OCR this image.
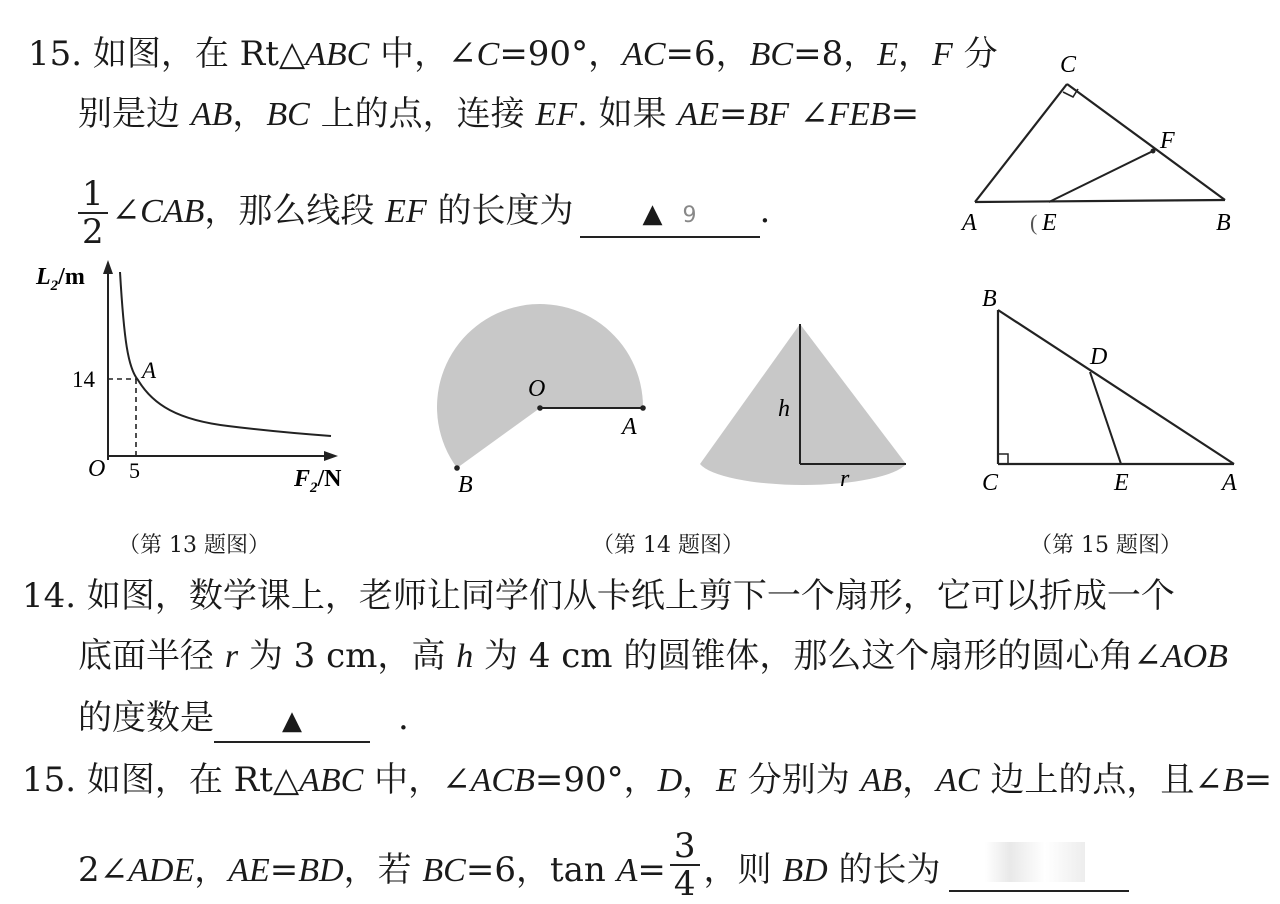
15. 如图，在 Rt△ABC 中，∠C=90°，AC=6，BC=8，E，F 分
别是边 AB，BC 上的点，连接 EF. 如果 AE=BF ∠FEB=
$\frac{1}{2}$ ∠CAB，那么线段 EF 的长度为	▲ 9 .
C
F
A ( E	B
$L_2/m$
14 A
O 5	$F_2/N$
O
A
B
h
r
B
D
C	E	A
（第 13 题图）	（第 14 题图）	（第 15 题图）
14. 如图，数学课上，老师让同学们从卡纸上剪下一个扇形，它可以折成一个
底面半径 r 为 3 cm，高 h 为 4 cm 的圆锥体，那么这个扇形的圆心角∠AOB
的度数是	▲	.
15. 如图，在 Rt△ABC 中，∠ACB=90°，D，E 分别为 AB，AC 边上的点，且∠B=
2∠ADE，AE=BD，若 BC=6，$\tan A= \frac{3}{4}$ ，则 BD 的长为
